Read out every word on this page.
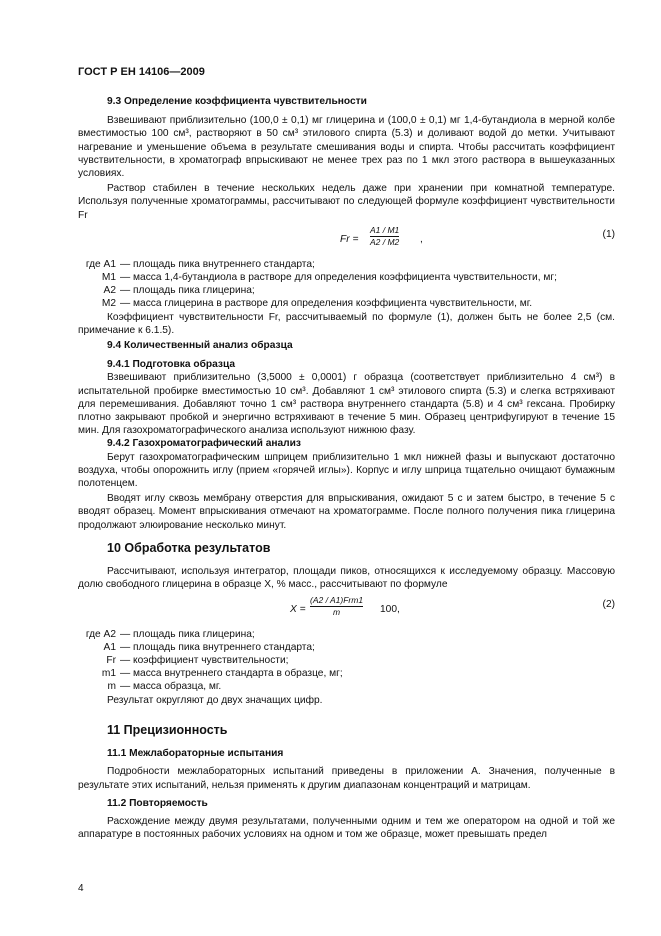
ГОСТ Р ЕН 14106—2009

9.3 Определение коэффициента чувствительности

Взвешивают приблизительно (100,0 ± 0,1) мг глицерина и (100,0 ± 0,1) мг 1,4-бутандиола в мерной колбе вместимостью 100 см³, растворяют в 50 см³ этилового спирта (5.3) и доливают водой до метки. Учитывают нагревание и уменьшение объема в результате смешивания воды и спирта. Чтобы рассчитать коэффициент чувствительности, в хроматограф впрыскивают не менее трех раз по 1 мкл этого раствора в вышеуказанных условиях.

Раствор стабилен в течение нескольких недель даже при хранении при комнатной температуре. Используя полученные хроматограммы, рассчитывают по следующей формуле коэффициент чувствительности Fr

$Fr = \frac{A1 / M1}{A2 / M2}$ ,	(1)
где A1 — площадь пика внутреннего стандарта;
M1 — масса 1,4-бутандиола в растворе для определения коэффициента чувствительности, мг;
A2 — площадь пика глицерина;
M2 — масса глицерина в растворе для определения коэффициента чувствительности, мг.

Коэффициент чувствительности Fr, рассчитываемый по формуле (1), должен быть не более 2,5 (см. примечание к 6.1.5).

9.4 Количественный анализ образца

9.4.1 Подготовка образца

Взвешивают приблизительно (3,5000 ± 0,0001) г образца (соответствует приблизительно 4 см³) в испытательной пробирке вместимостью 10 см³. Добавляют 1 см³ этилового спирта (5.3) и слегка встряхивают для перемешивания. Добавляют точно 1 см³ раствора внутреннего стандарта (5.8) и 4 см³ гексана. Пробирку плотно закрывают пробкой и энергично встряхивают в течение 5 мин. Образец центрифугируют в течение 15 мин. Для газохроматографического анализа используют нижнюю фазу.

9.4.2 Газохроматографический анализ

Берут газохроматографическим шприцем приблизительно 1 мкл нижней фазы и выпускают достаточно воздуха, чтобы опорожнить иглу (прием «горячей иглы»). Корпус и иглу шприца тщательно очищают бумажным полотенцем.

Вводят иглу сквозь мембрану отверстия для впрыскивания, ожидают 5 с и затем быстро, в течение 5 с вводят образец. Момент впрыскивания отмечают на хроматограмме. После полного получения пика глицерина продолжают элюирование несколько минут.

10 Обработка результатов

Рассчитывают, используя интегратор, площади пиков, относящихся к исследуемому образцу. Массовую долю свободного глицерина в образце X, % масс., рассчитывают по формуле

X =
(A2 / A1)Frm1
m	100,	(2)
где A2 — площадь пика глицерина;
A1 — площадь пика внутреннего стандарта;
Fr — коэффициент чувствительности;
m1 — масса внутреннего стандарта в образце, мг;
m — масса образца, мг.

Результат округляют до двух значащих цифр.

11 Прецизионность

11.1 Межлабораторные испытания

Подробности межлабораторных испытаний приведены в приложении А. Значения, полученные в результате этих испытаний, нельзя применять к другим диапазонам концентраций и матрицам.

11.2 Повторяемость

Расхождение между двумя результатами, полученными одним и тем же оператором на одной и той же аппаратуре в постоянных рабочих условиях на одном и том же образце, может превышать предел

4
